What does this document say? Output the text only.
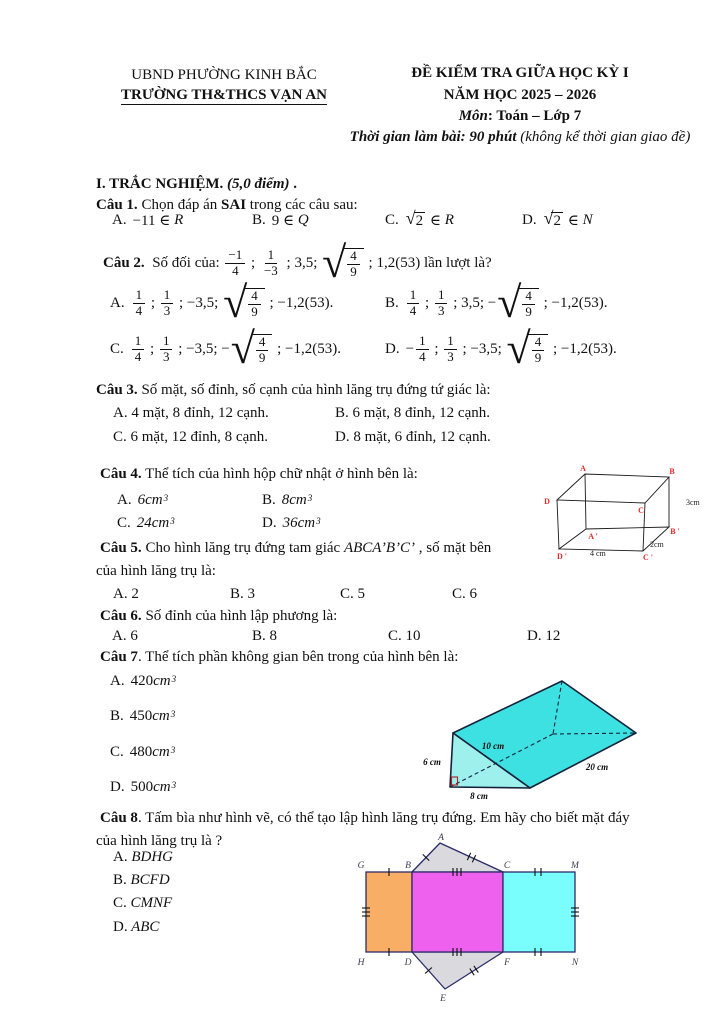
UBND PHƯỜNG KINH BẮC
TRƯỜNG TH&THCS VẠN AN
ĐỀ KIỂM TRA GIỮA HỌC KỲ I
NĂM HỌC 2025 – 2026
Môn: Toán – Lớp 7
Thời gian làm bài: 90 phút (không kể thời gian giao đề)
I. TRẮC NGHIỆM. (5,0 điểm) .
Câu 1. Chọn đáp án SAI trong các câu sau:
A. −11 ∈ R	B. 9 ∈ Q	C. √ 2 ∈ R	D. √ 2 ∈ N
Câu 2. Số đối của:
−1
4 ;
1
−3 ; 3,5; √ 4
9
; 1,2(53) lần lượt là?
A.
1
4 ;
1
3 ; −3,5; √ 4
9
; −1,2(53).	B.
1
4 ;
1
3 ; 3,5; − √ 4
9
; −1,2(53).
C.
1
4 ;
1
3 ; −3,5; − √ 4
9
; −1,2(53).	D. − $\frac{1}{4}$ ;
1
3 ; −3,5; √ 4
9
; −1,2(53).
Câu 3. Số mặt, số đỉnh, số cạnh của hình lăng trụ đứng tứ giác là:
A. 4 mặt, 8 đỉnh, 12 cạnh.	B. 6 mặt, 8 đỉnh, 12 cạnh.
C. 6 mặt, 12 đỉnh, 8 cạnh.	D. 8 mặt, 6 đỉnh, 12 cạnh.
Câu 4. Thể tích của hình hộp chữ nhật ở hình bên là:
A. 6cm 3	B. 8cm 3
C. 24cm 3	D. 36cm 3
A	B
C
D
A '
B '
C '
D '
3cm
2cm
4 cm
Câu 5. Cho hình lăng trụ đứng tam giác ABCA’B’C’ , số mặt bên
của hình lăng trụ là:
A. 2	B. 3	C. 5	C. 6
Câu 6. Số đỉnh của hình lập phương là:
A. 6	B. 8	C. 10	D. 12
Câu 7. Thể tích phần không gian bên trong của hình bên là:
A. 420 cm 3
B. 450 cm 3
C. 480 cm 3
D. 500 cm 3
10 cm
6 cm	20 cm
8 cm
Câu 8. Tấm bìa như hình vẽ, có thể tạo lập hình lăng trụ đứng. Em hãy cho biết mặt đáy
của hình lăng trụ là ?
A. BDHG
B. BCFD
C. CMNF
D. ABC
A
G	B	C	M
H	D	F	N
E
